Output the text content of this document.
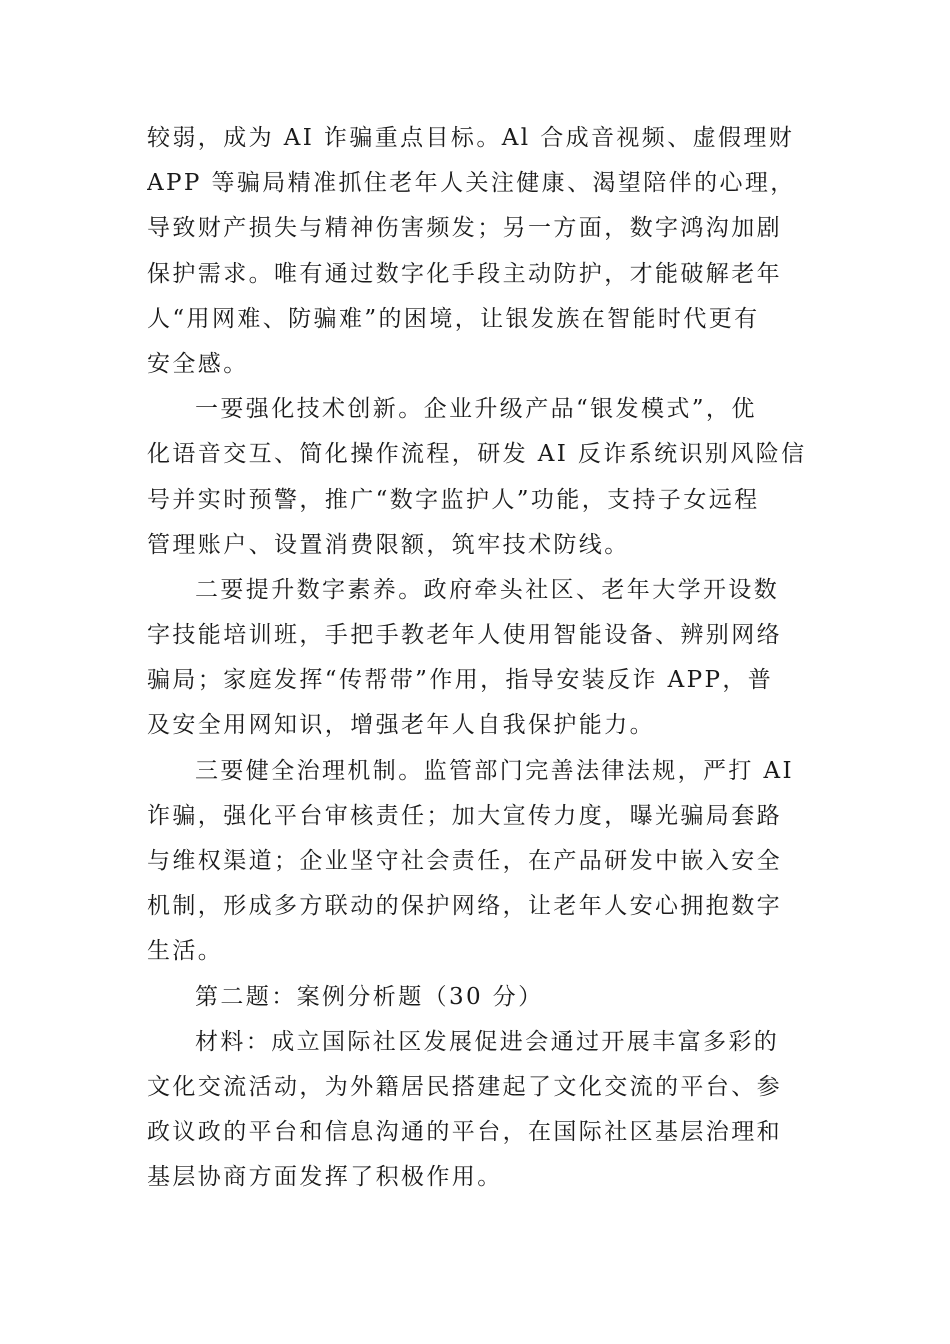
较弱，成为 AI 诈骗重点目标。Al 合成音视频、虚假理财
APP 等骗局精准抓住老年人关注健康、渴望陪伴的心理，
导致财产损失与精神伤害频发；另一方面，数字鸿沟加剧
保护需求。唯有通过数字化手段主动防护，才能破解老年
人“用网难、防骗难”的困境，让银发族在智能时代更有
安全感。
一要强化技术创新。企业升级产品“银发模式”，优
化语音交互、简化操作流程，研发 AI 反诈系统识别风险信
号并实时预警，推广“数字监护人”功能，支持子女远程
管理账户、设置消费限额，筑牢技术防线。
二要提升数字素养。政府牵头社区、老年大学开设数
字技能培训班，手把手教老年人使用智能设备、辨别网络
骗局；家庭发挥“传帮带”作用，指导安装反诈 APP，普
及安全用网知识，增强老年人自我保护能力。
三要健全治理机制。监管部门完善法律法规，严打 AI
诈骗，强化平台审核责任；加大宣传力度，曝光骗局套路
与维权渠道；企业坚守社会责任，在产品研发中嵌入安全
机制，形成多方联动的保护网络，让老年人安心拥抱数字
生活。
第二题：案例分析题（30 分）
材料：成立国际社区发展促进会通过开展丰富多彩的
文化交流活动，为外籍居民搭建起了文化交流的平台、参
政议政的平台和信息沟通的平台，在国际社区基层治理和
基层协商方面发挥了积极作用。
